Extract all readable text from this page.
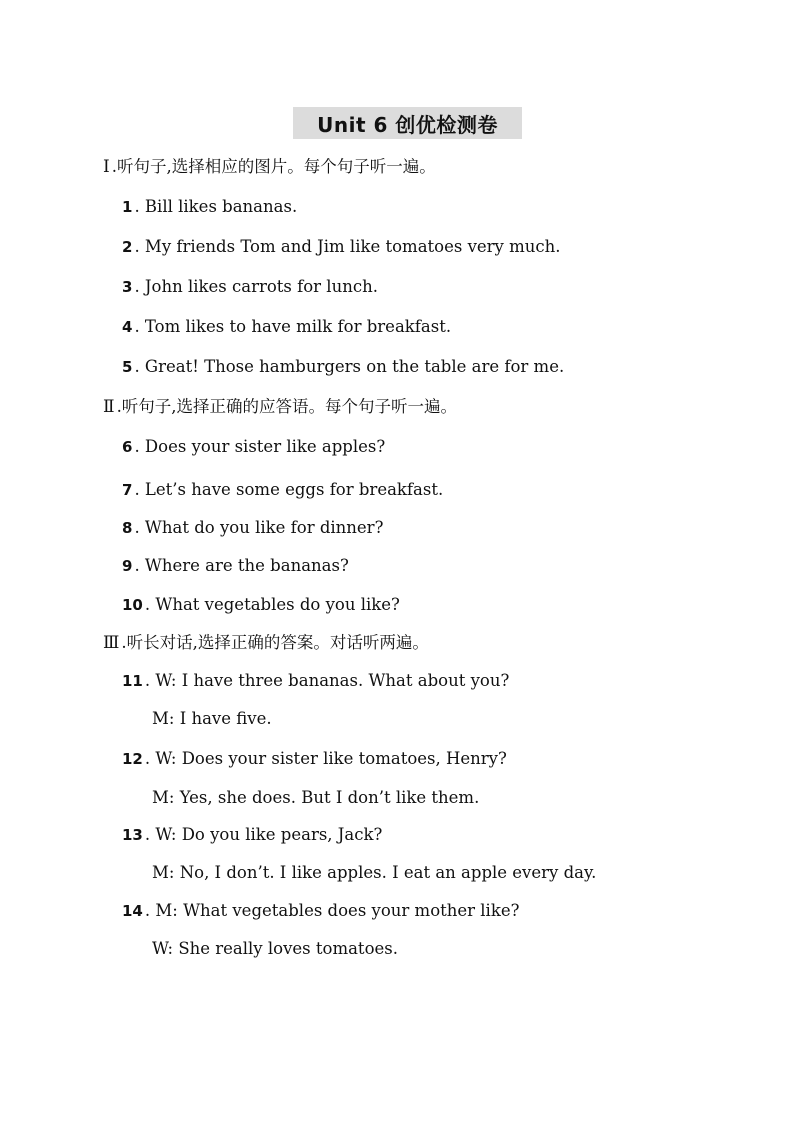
Unit 6 创优检测卷
Ⅰ .听句子,选择相应的图片。每个句子听一遍。
1 . Bill likes bananas.
2 . My friends Tom and Jim like tomatoes very much.
3 . John likes carrots for lunch.
4 . Tom likes to have milk for breakfast.
5 . Great! Those hamburgers on the table are for me.
Ⅱ .听句子,选择正确的应答语。每个句子听一遍。
6 . Does your sister like apples?
7 . Let’s have some eggs for breakfast.
8 . What do you like for dinner?
9 . Where are the bananas?
10 . What vegetables do you like?
Ⅲ .听长对话,选择正确的答案。对话听两遍。
11 . W: I have three bananas. What about you?
M: I have five.
12 . W: Does your sister like tomatoes, Henry?
M: Yes, she does. But I don’t like them.
13 . W: Do you like pears, Jack?
M: No, I don’t. I like apples. I eat an apple every day.
14 . M: What vegetables does your mother like?
W: She really loves tomatoes.
